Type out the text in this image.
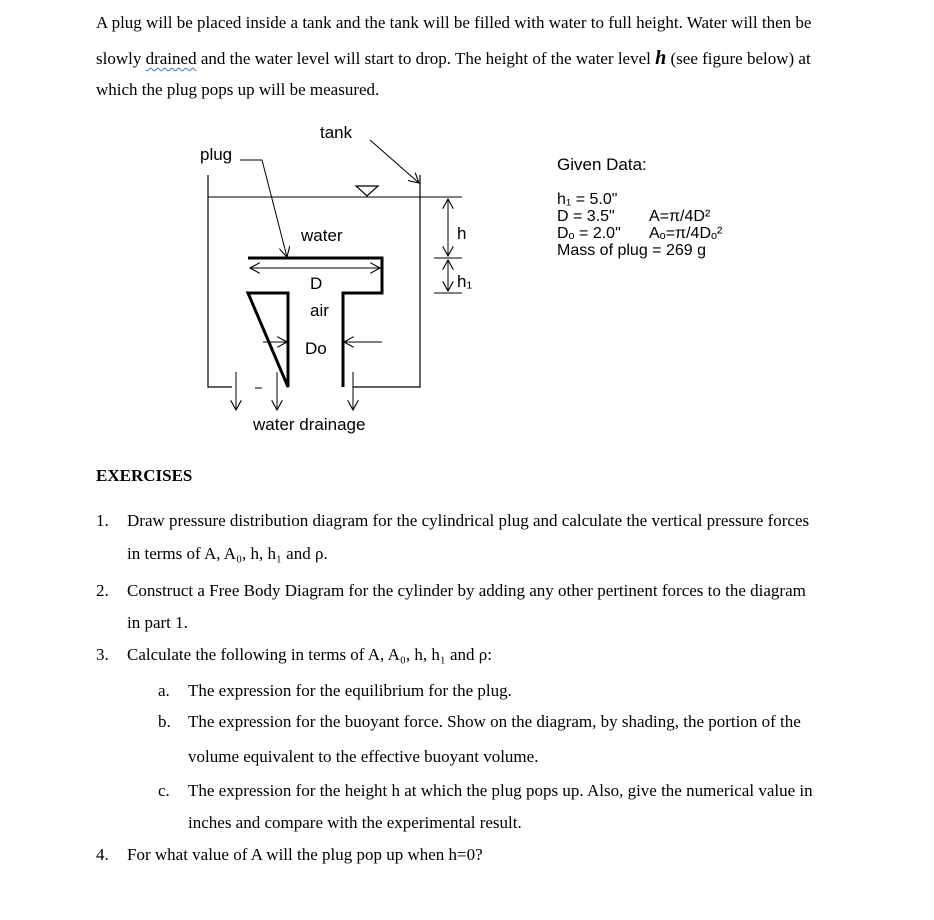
A plug will be placed inside a tank and the tank will be filled with water to full height. Water will then be
slowly drained and the water level will start to drop. The height of the water level h (see figure below) at
which the plug pops up will be measured.
tank
plug
water
D
air
Do
water drainage
h
h₁
Given Data:
h₁ = 5.0"
D = 3.5" A=π/4D²
Dₒ = 2.0" Aₒ=π/4Dₒ²
Mass of plug = 269 g
EXERCISES
1. Draw pressure distribution diagram for the cylindrical plug and calculate the vertical pressure forces
in terms of A, A₀, h, h₁ and ρ.
2. Construct a Free Body Diagram for the cylinder by adding any other pertinent forces to the diagram
in part 1.
3. Calculate the following in terms of A, A₀, h, h₁ and ρ:
a. The expression for the equilibrium for the plug.
b. The expression for the buoyant force. Show on the diagram, by shading, the portion of the
volume equivalent to the effective buoyant volume.
c. The expression for the height h at which the plug pops up. Also, give the numerical value in
inches and compare with the experimental result.
4. For what value of A will the plug pop up when h=0?
